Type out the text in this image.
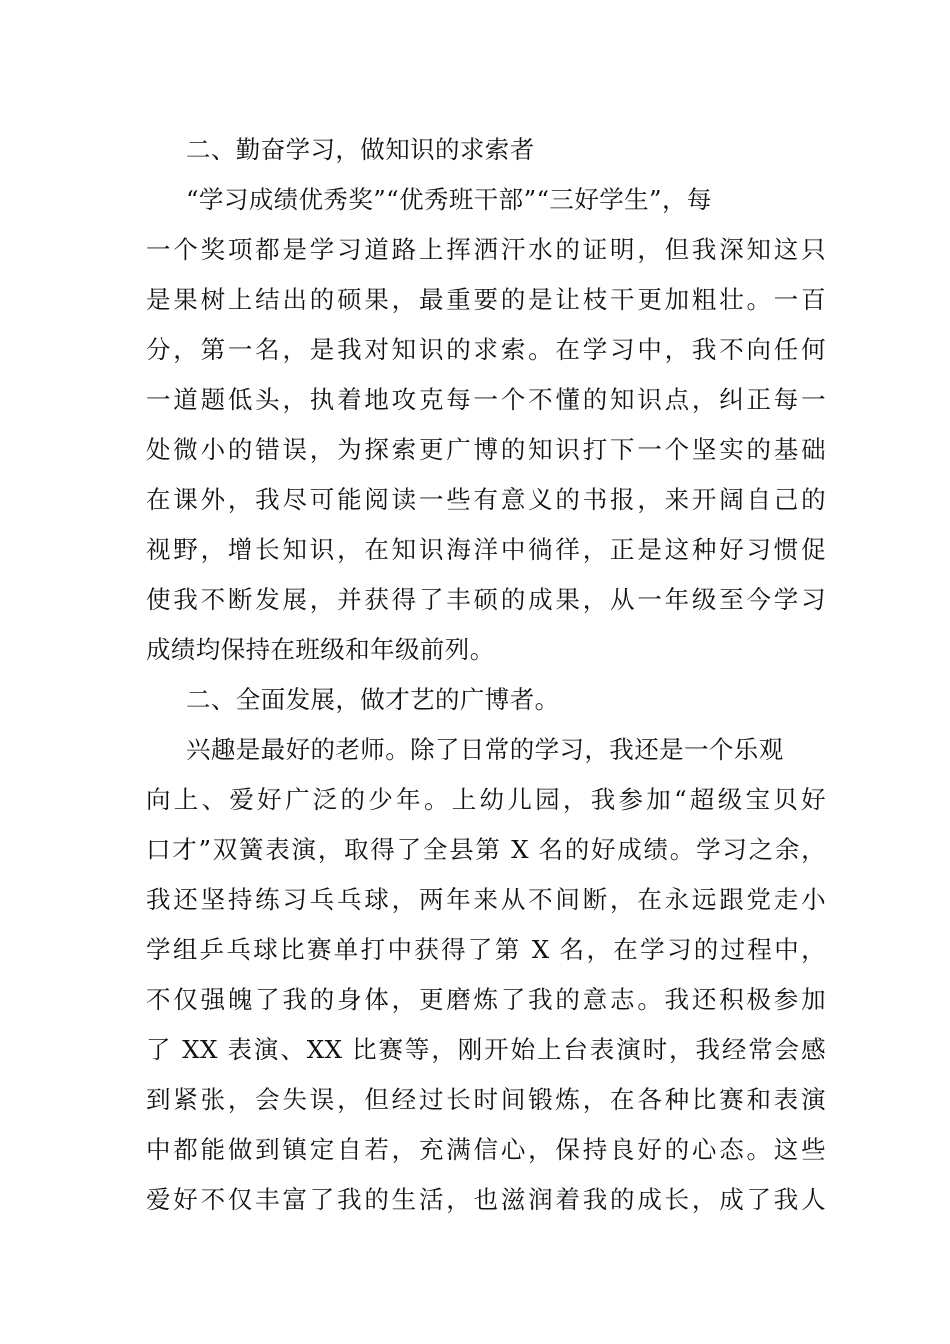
二、勤奋学习，做知识的求索者
“学习成绩优秀奖”“优秀班干部”“三好学生”，每
一个奖项都是学习道路上挥洒汗水的证明，但我深知这只
是果树上结出的硕果，最重要的是让枝干更加粗壮。一百
分，第一名，是我对知识的求索。在学习中，我不向任何
一道题低头，执着地攻克每一个不懂的知识点，纠正每一
处微小的错误，为探索更广博的知识打下一个坚实的基础
在课外，我尽可能阅读一些有意义的书报，来开阔自己的
视野，增长知识，在知识海洋中徜徉，正是这种好习惯促
使我不断发展，并获得了丰硕的成果，从一年级至今学习
成绩均保持在班级和年级前列。
二、全面发展，做才艺的广博者。
兴趣是最好的老师。除了日常的学习，我还是一个乐观
向上、爱好广泛的少年。上幼儿园，我参加“超级宝贝好
口才”双簧表演，取得了全县第 X 名的好成绩。学习之余，
我还坚持练习乓乓球，两年来从不间断，在永远跟党走小
学组乒乓球比赛单打中获得了第 X 名，在学习的过程中，
不仅强魄了我的身体，更磨炼了我的意志。我还积极参加
了 XX 表演、XX 比赛等，刚开始上台表演时，我经常会感
到紧张，会失误，但经过长时间锻炼，在各种比赛和表演
中都能做到镇定自若，充满信心，保持良好的心态。这些
爱好不仅丰富了我的生活，也滋润着我的成长，成了我人
